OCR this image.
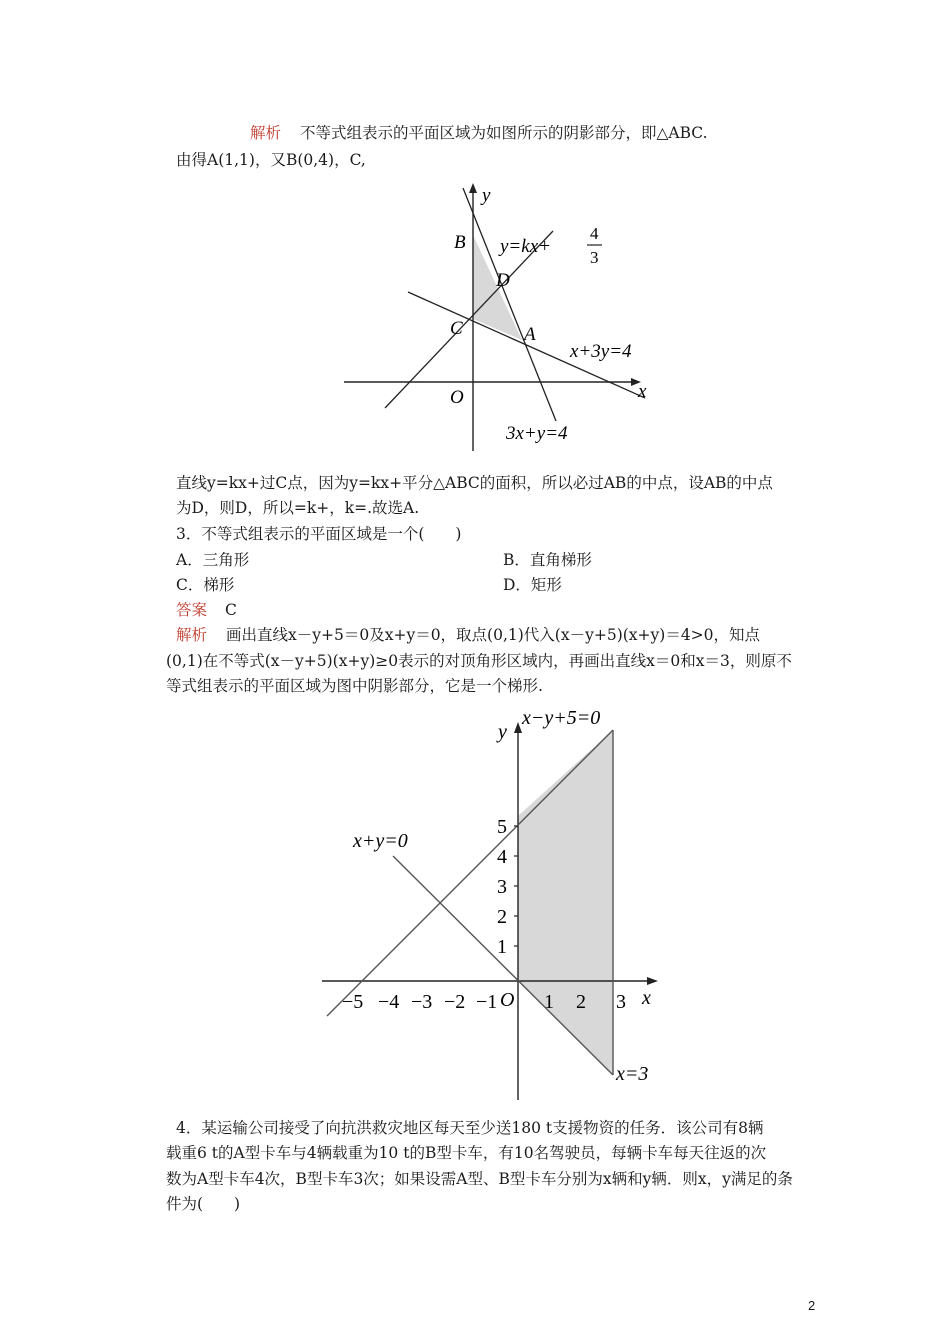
解析 不等式组表示的平面区域为如图所示的阴影部分，即△ABC.
由得A(1,1)，又B(0,4)，C,
y
x
O
B
C
D
A
y=kx+
4
3
x+3y=4
3x+y=4
直线y=kx+过C点，因为y=kx+平分△ABC的面积，所以必过AB的中点，设AB的中点
为D，则D，所以=k+，k=.故选A.
3．不等式组表示的平面区域是一个(　　)
A．三角形	B．直角梯形
C．梯形	D．矩形
答案 C
解析 画出直线x－y+5＝0及x+y＝0，取点(0,1)代入(x－y+5)(x+y)＝4>0，知点
(0,1)在不等式(x－y+5)(x+y)≥0表示的对顶角形区域内，再画出直线x＝0和x＝3，则原不
等式组表示的平面区域为图中阴影部分，它是一个梯形.
5
4
3
2
1
−5 −4 −3 −2 −1 O 1 2 3 x
y
x−y+5=0
x+y=0
x=3
4．某运输公司接受了向抗洪救灾地区每天至少送180 t支援物资的任务．该公司有8辆
载重6 t的A型卡车与4辆载重为10 t的B型卡车，有10名驾驶员，每辆卡车每天往返的次
数为A型卡车4次，B型卡车3次；如果设需A型、B型卡车分别为x辆和y辆．则x，y满足的条
件为(　　)
2
